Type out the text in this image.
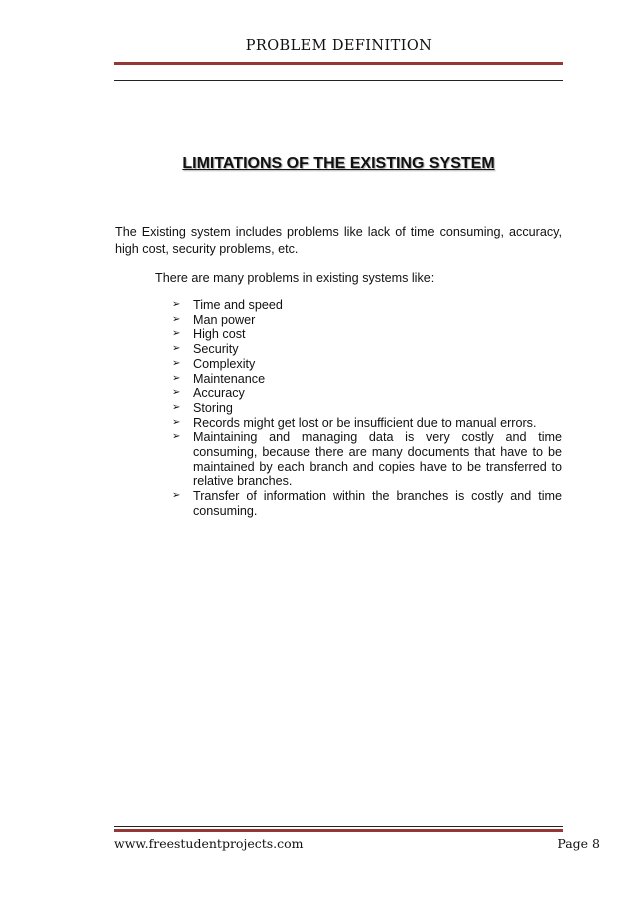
PROBLEM DEFINITION
LIMITATIONS OF THE EXISTING SYSTEM
The Existing system includes problems like lack of time consuming, accuracy, high cost, security problems, etc.
There are many problems in existing systems like:
➢ Time and speed
➢ Man power
➢ High cost
➢ Security
➢ Complexity
➢ Maintenance
➢ Accuracy
➢ Storing
➢ Records might get lost or be insufficient due to manual errors.
➢ Maintaining and managing data is very costly and time consuming, because there are many documents that have to be maintained by each branch and copies have to be transferred to relative branches.
➢ Transfer of information within the branches is costly and time consuming.
www.freestudentprojects.com	Page 8
